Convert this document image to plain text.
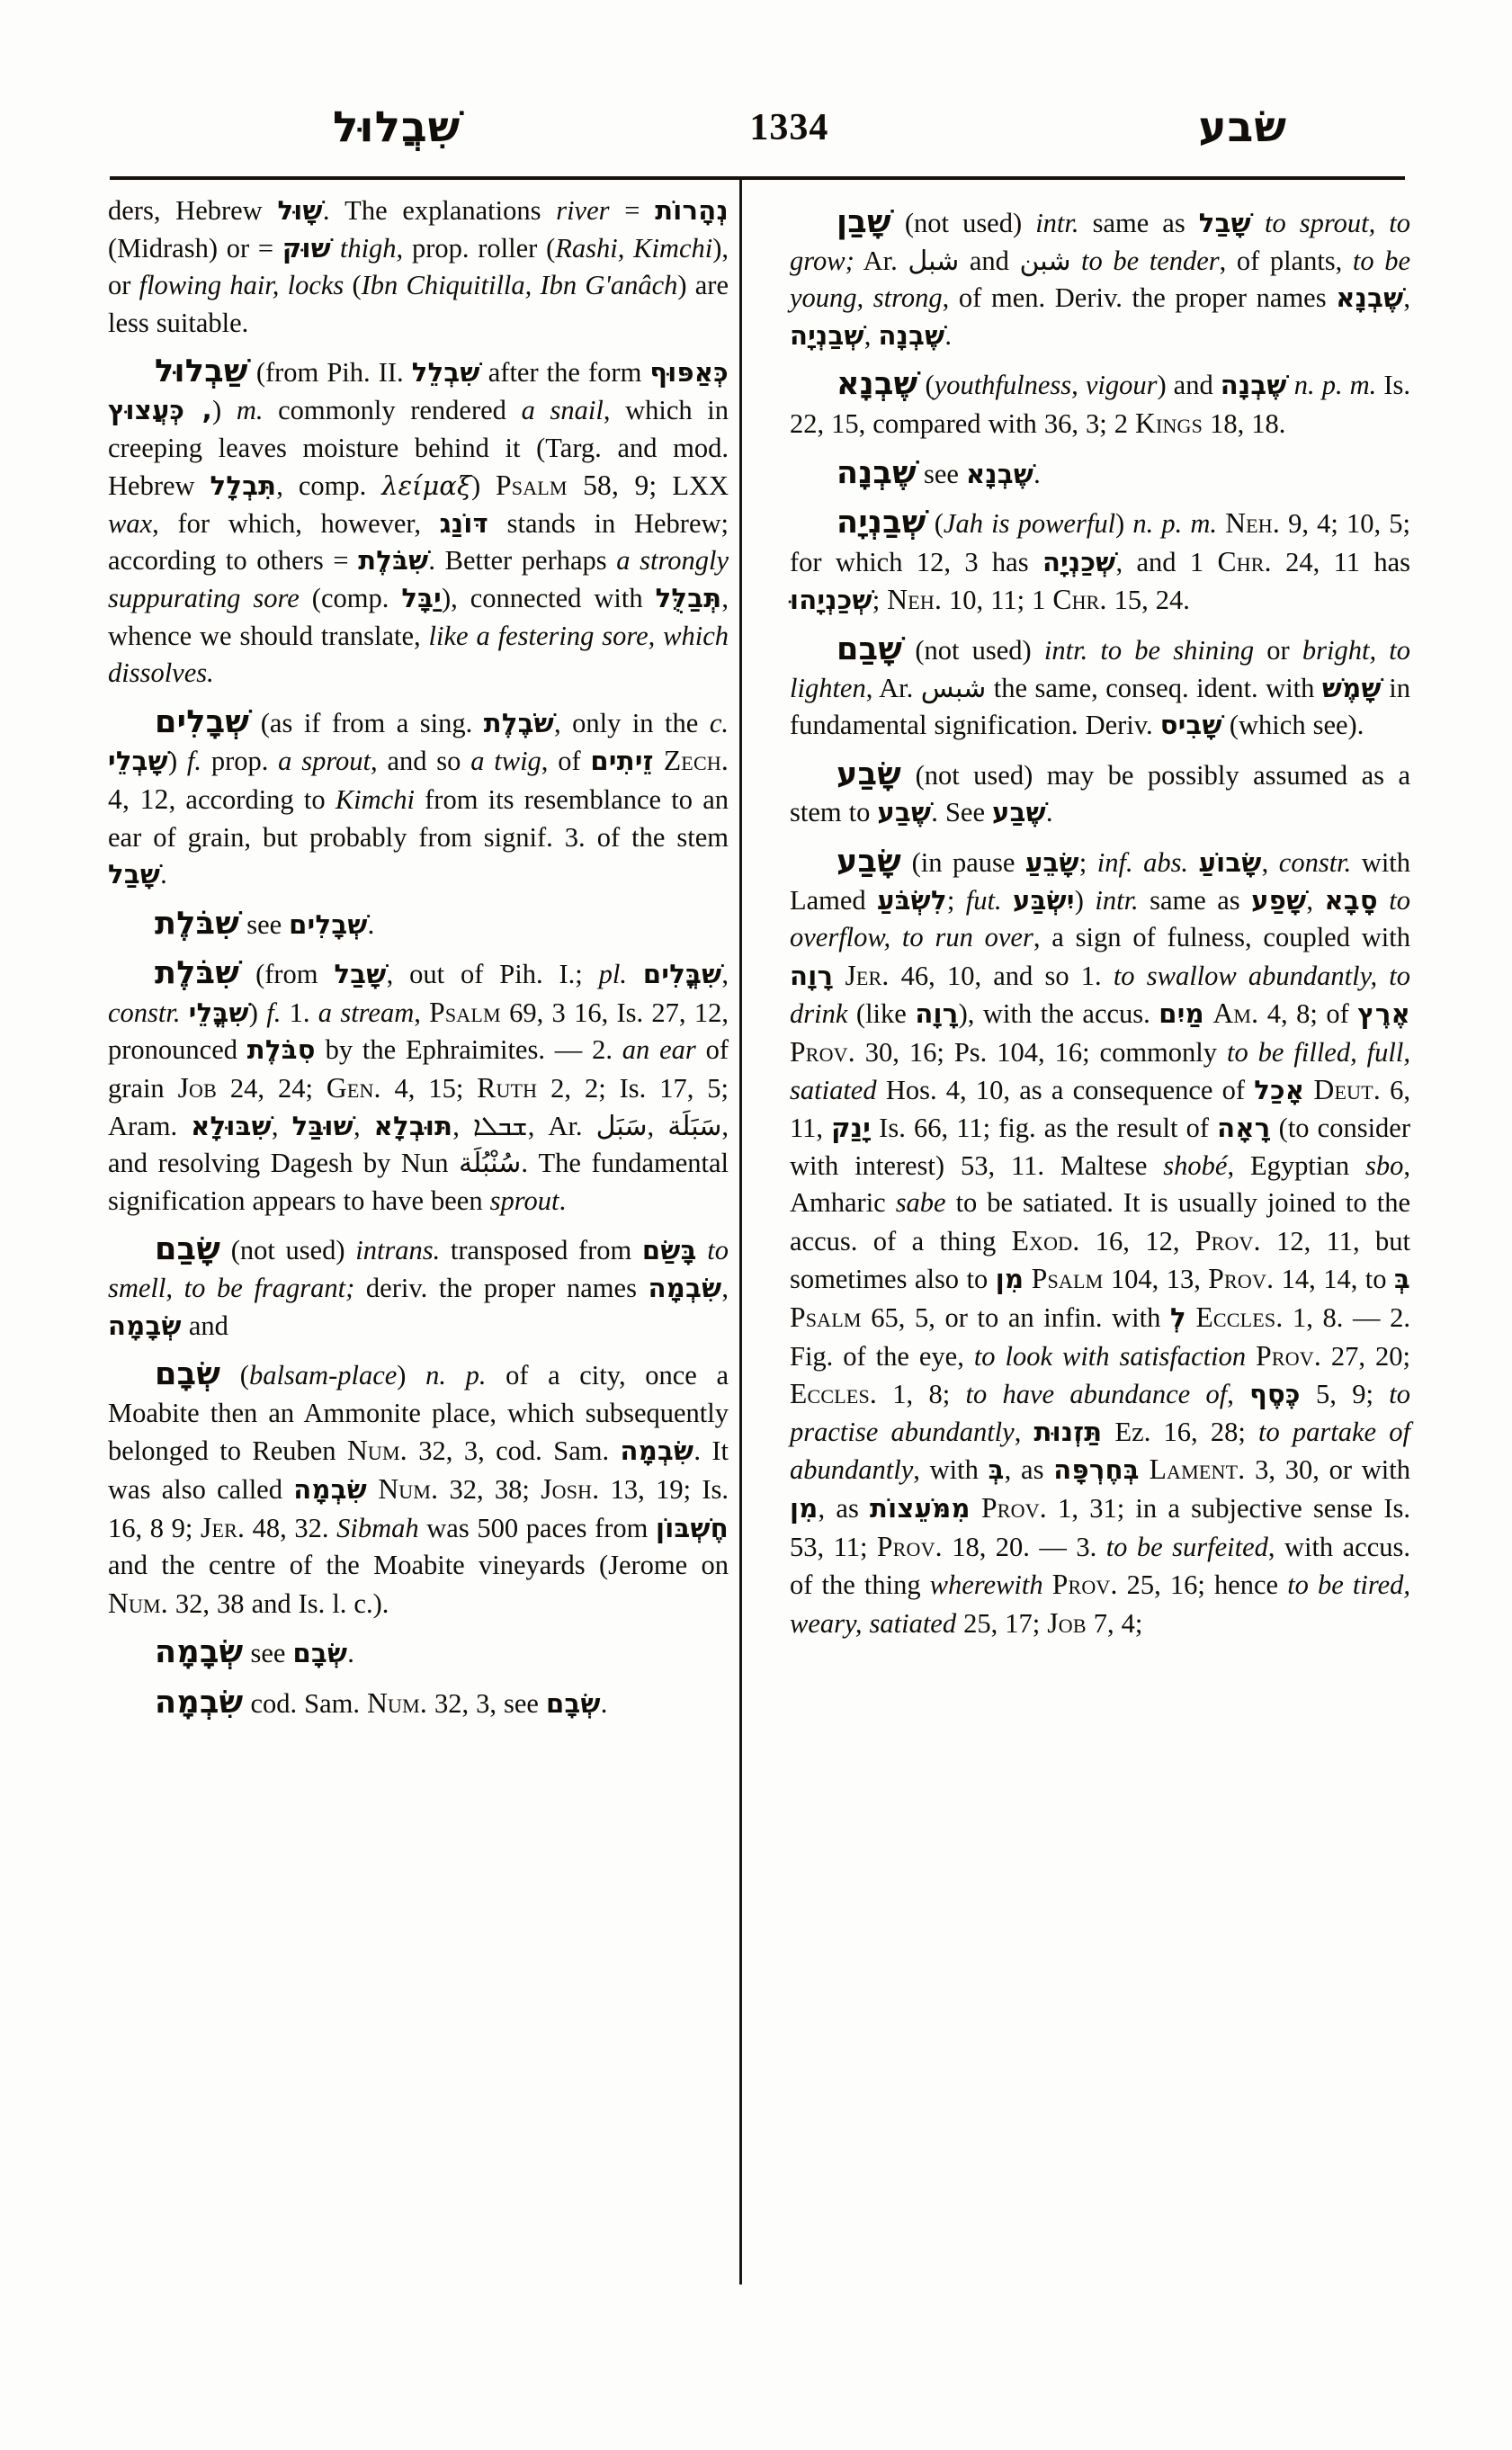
שִׁבֲלוּל	1334	שׂבע

ders, Hebrew שָׁוּל. The explanations river = נְהָרוֹת (Midrash) or = שׁוּק thigh, prop. roller (Rashi, Kimchi), or flowing hair, locks (Ibn Chiquitilla, Ibn G'anâch) are less suitable.

שַׁבְלוּל (from Pih. II. שִׁבְלֵל after the form כְּאַפּוּף , כְּעֲצוּץ) m. commonly rendered a snail, which in creeping leaves moisture behind it (Targ. and mod. Hebrew תִּבְלָל, comp. λείμαξ) Psalm 58, 9; LXX wax, for which, however, דּוֹנַג stands in Hebrew; according to others = שִׁבֹּלֶת. Better perhaps a strongly suppurating sore (comp. יַבָּל), connected with תְּבַלֻּל, whence we should translate, like a festering sore, which dissolves.

שְׁבָלִים (as if from a sing. שֹׁבֶלֶת, only in the c. שָׁבְלֵי) f. prop. a sprout, and so a twig, of זֵיתִים Zech. 4, 12, according to Kimchi from its resemblance to an ear of grain, but probably from signif. 3. of the stem שָׁבַל.

שִׁבֹּלֶת see שְׁבָלִים.

שִׁבֹּלֶת (from שָׁבַל, out of Pih. I.; pl. שִׁבֳּלִים, constr. שִׁבֳּלֵי) f. 1. a stream, Psalm 69, 3 16, Is. 27, 12, pronounced סִבֹּלֶת by the Ephraimites. — 2. an ear of grain Job 24, 24; Gen. 4, 15; Ruth 2, 2; Is. 17, 5; Aram. שִׁבּוּלָא, שׁוּבַּל, תּוּבְלָא, ܫܒܠܐ, Ar. سَبَل, سَبَلَة, and resolving Dagesh by Nun سُنْبُلَة. The fundamental signification appears to have been sprout.

שָׂבַם (not used) intrans. transposed from בָּשַׂם to smell, to be fragrant; deriv. the proper names שִׂבְמָה, שְׂבָמָה and

שְׂבָם (balsam-place) n. p. of a city, once a Moabite then an Ammonite place, which subsequently belonged to Reuben Num. 32, 3, cod. Sam. שִׂבְמָה. It was also called שִׂבְמָה Num. 32, 38; Josh. 13, 19; Is. 16, 8 9; Jer. 48, 32. Sibmah was 500 paces from חֶשְׁבּוֹן and the centre of the Moabite vineyards (Jerome on Num. 32, 38 and Is. l. c.).

שְׂבָמָה see שְׂבָם.

שִׂבְמָה cod. Sam. Num. 32, 3, see שְׂבָם.

שָׁבַן (not used) intr. same as שָׁבַל to sprout, to grow; Ar. شبل and شبن to be tender, of plants, to be young, strong, of men. Deriv. the proper names שֶׁבְנָא, שְׁבַנְיָה, שֶׁבְנָה.

שֶׁבְנָא (youthfulness, vigour) and שֶׁבְנָה n. p. m. Is. 22, 15, compared with 36, 3; 2 Kings 18, 18.

שֶׁבְנָה see שֶׁבְנָא.

שְׁבַנְיָה (Jah is powerful) n. p. m. Neh. 9, 4; 10, 5; for which 12, 3 has שְׁכַנְיָה, and 1 Chr. 24, 11 has שְׁכַנְיָהוּ; Neh. 10, 11; 1 Chr. 15, 24.

שָׁבַם (not used) intr. to be shining or bright, to lighten, Ar. شبس the same, conseq. ident. with שָׁמֶשׁ in fundamental signification. Deriv. שָׁבִיס (which see).

שָׂבַע (not used) may be possibly assumed as a stem to שֶׁבַע. See שֶׁבַע.

שָׂבַע (in pause שָׂבֵעַ; inf. abs. שָׂבוֹעַ, constr. with Lamed לִשְׂבֹּעַ; fut. יִשְׂבַּע) intr. same as שָׁפַע, סָבָא to overflow, to run over, a sign of fulness, coupled with רָוָה Jer. 46, 10, and so 1. to swallow abundantly, to drink (like רָוָה), with the accus. מַיִם Am. 4, 8; of אֶרֶץ Prov. 30, 16; Ps. 104, 16; commonly to be filled, full, satiated Hos. 4, 10, as a consequence of אָכַל Deut. 6, 11, יָנַק Is. 66, 11; fig. as the result of רָאָה (to consider with interest) 53, 11. Maltese shobé, Egyptian sbo, Amharic sabe to be satiated. It is usually joined to the accus. of a thing Exod. 16, 12, Prov. 12, 11, but sometimes also to מִן Psalm 104, 13, Prov. 14, 14, to בְּ Psalm 65, 5, or to an infin. with לְ Eccles. 1, 8. — 2. Fig. of the eye, to look with satisfaction Prov. 27, 20; Eccles. 1, 8; to have abundance of, כֶּסֶף 5, 9; to practise abundantly, תַּזְנוּת Ez. 16, 28; to partake of abundantly, with בְּ, as בְּחֶרְפָּה Lament. 3, 30, or with מִן, as מִמֹּעֵצוֹת Prov. 1, 31; in a subjective sense Is. 53, 11; Prov. 18, 20. — 3. to be surfeited, with accus. of the thing wherewith Prov. 25, 16; hence to be tired, weary, satiated 25, 17; Job 7, 4;
